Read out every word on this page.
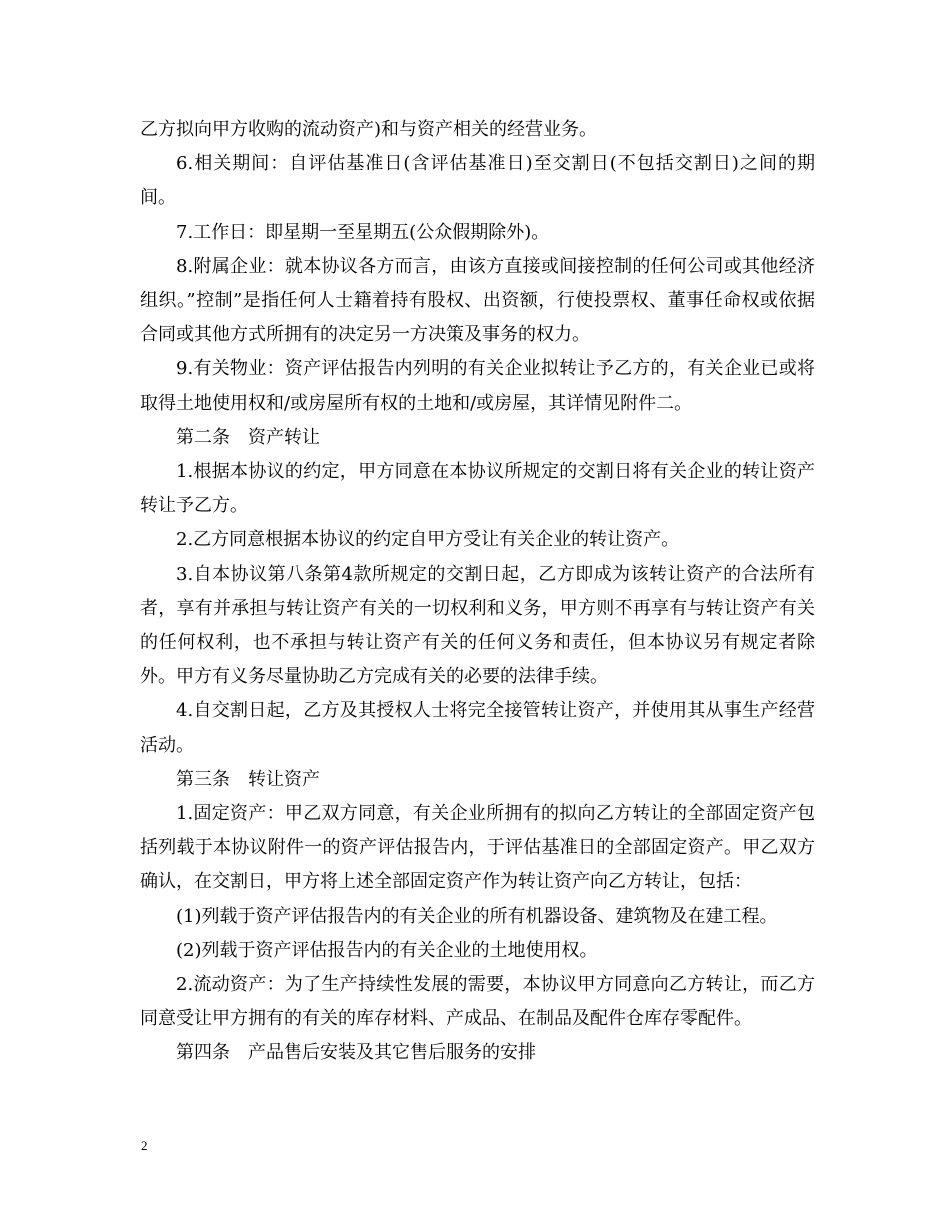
乙方拟向甲方收购的流动资产)和与资产相关的经营业务。

6.相关期间：自评估基准日(含评估基准日)至交割日(不包括交割日)之间的期间。

7.工作日：即星期一至星期五(公众假期除外)。

8.附属企业：就本协议各方而言，由该方直接或间接控制的任何公司或其他经济组织。”控制”是指任何人士籍着持有股权、出资额，行使投票权、董事任命权或依据合同或其他方式所拥有的决定另一方决策及事务的权力。

9.有关物业：资产评估报告内列明的有关企业拟转让予乙方的，有关企业已或将取得土地使用权和/或房屋所有权的土地和/或房屋，其详情见附件二。

第二条　资产转让

1.根据本协议的约定，甲方同意在本协议所规定的交割日将有关企业的转让资产转让予乙方。

2.乙方同意根据本协议的约定自甲方受让有关企业的转让资产。

3.自本协议第八条第4款所规定的交割日起，乙方即成为该转让资产的合法所有者，享有并承担与转让资产有关的一切权利和义务，甲方则不再享有与转让资产有关的任何权利，也不承担与转让资产有关的任何义务和责任，但本协议另有规定者除外。甲方有义务尽量协助乙方完成有关的必要的法律手续。

4.自交割日起，乙方及其授权人士将完全接管转让资产，并使用其从事生产经营活动。

第三条　转让资产

1.固定资产：甲乙双方同意，有关企业所拥有的拟向乙方转让的全部固定资产包括列载于本协议附件一的资产评估报告内，于评估基准日的全部固定资产。甲乙双方确认，在交割日，甲方将上述全部固定资产作为转让资产向乙方转让，包括：

(1)列载于资产评估报告内的有关企业的所有机器设备、建筑物及在建工程。

(2)列载于资产评估报告内的有关企业的土地使用权。

2.流动资产：为了生产持续性发展的需要，本协议甲方同意向乙方转让，而乙方同意受让甲方拥有的有关的库存材料、产成品、在制品及配件仓库存零配件。

第四条　产品售后安装及其它售后服务的安排

2
